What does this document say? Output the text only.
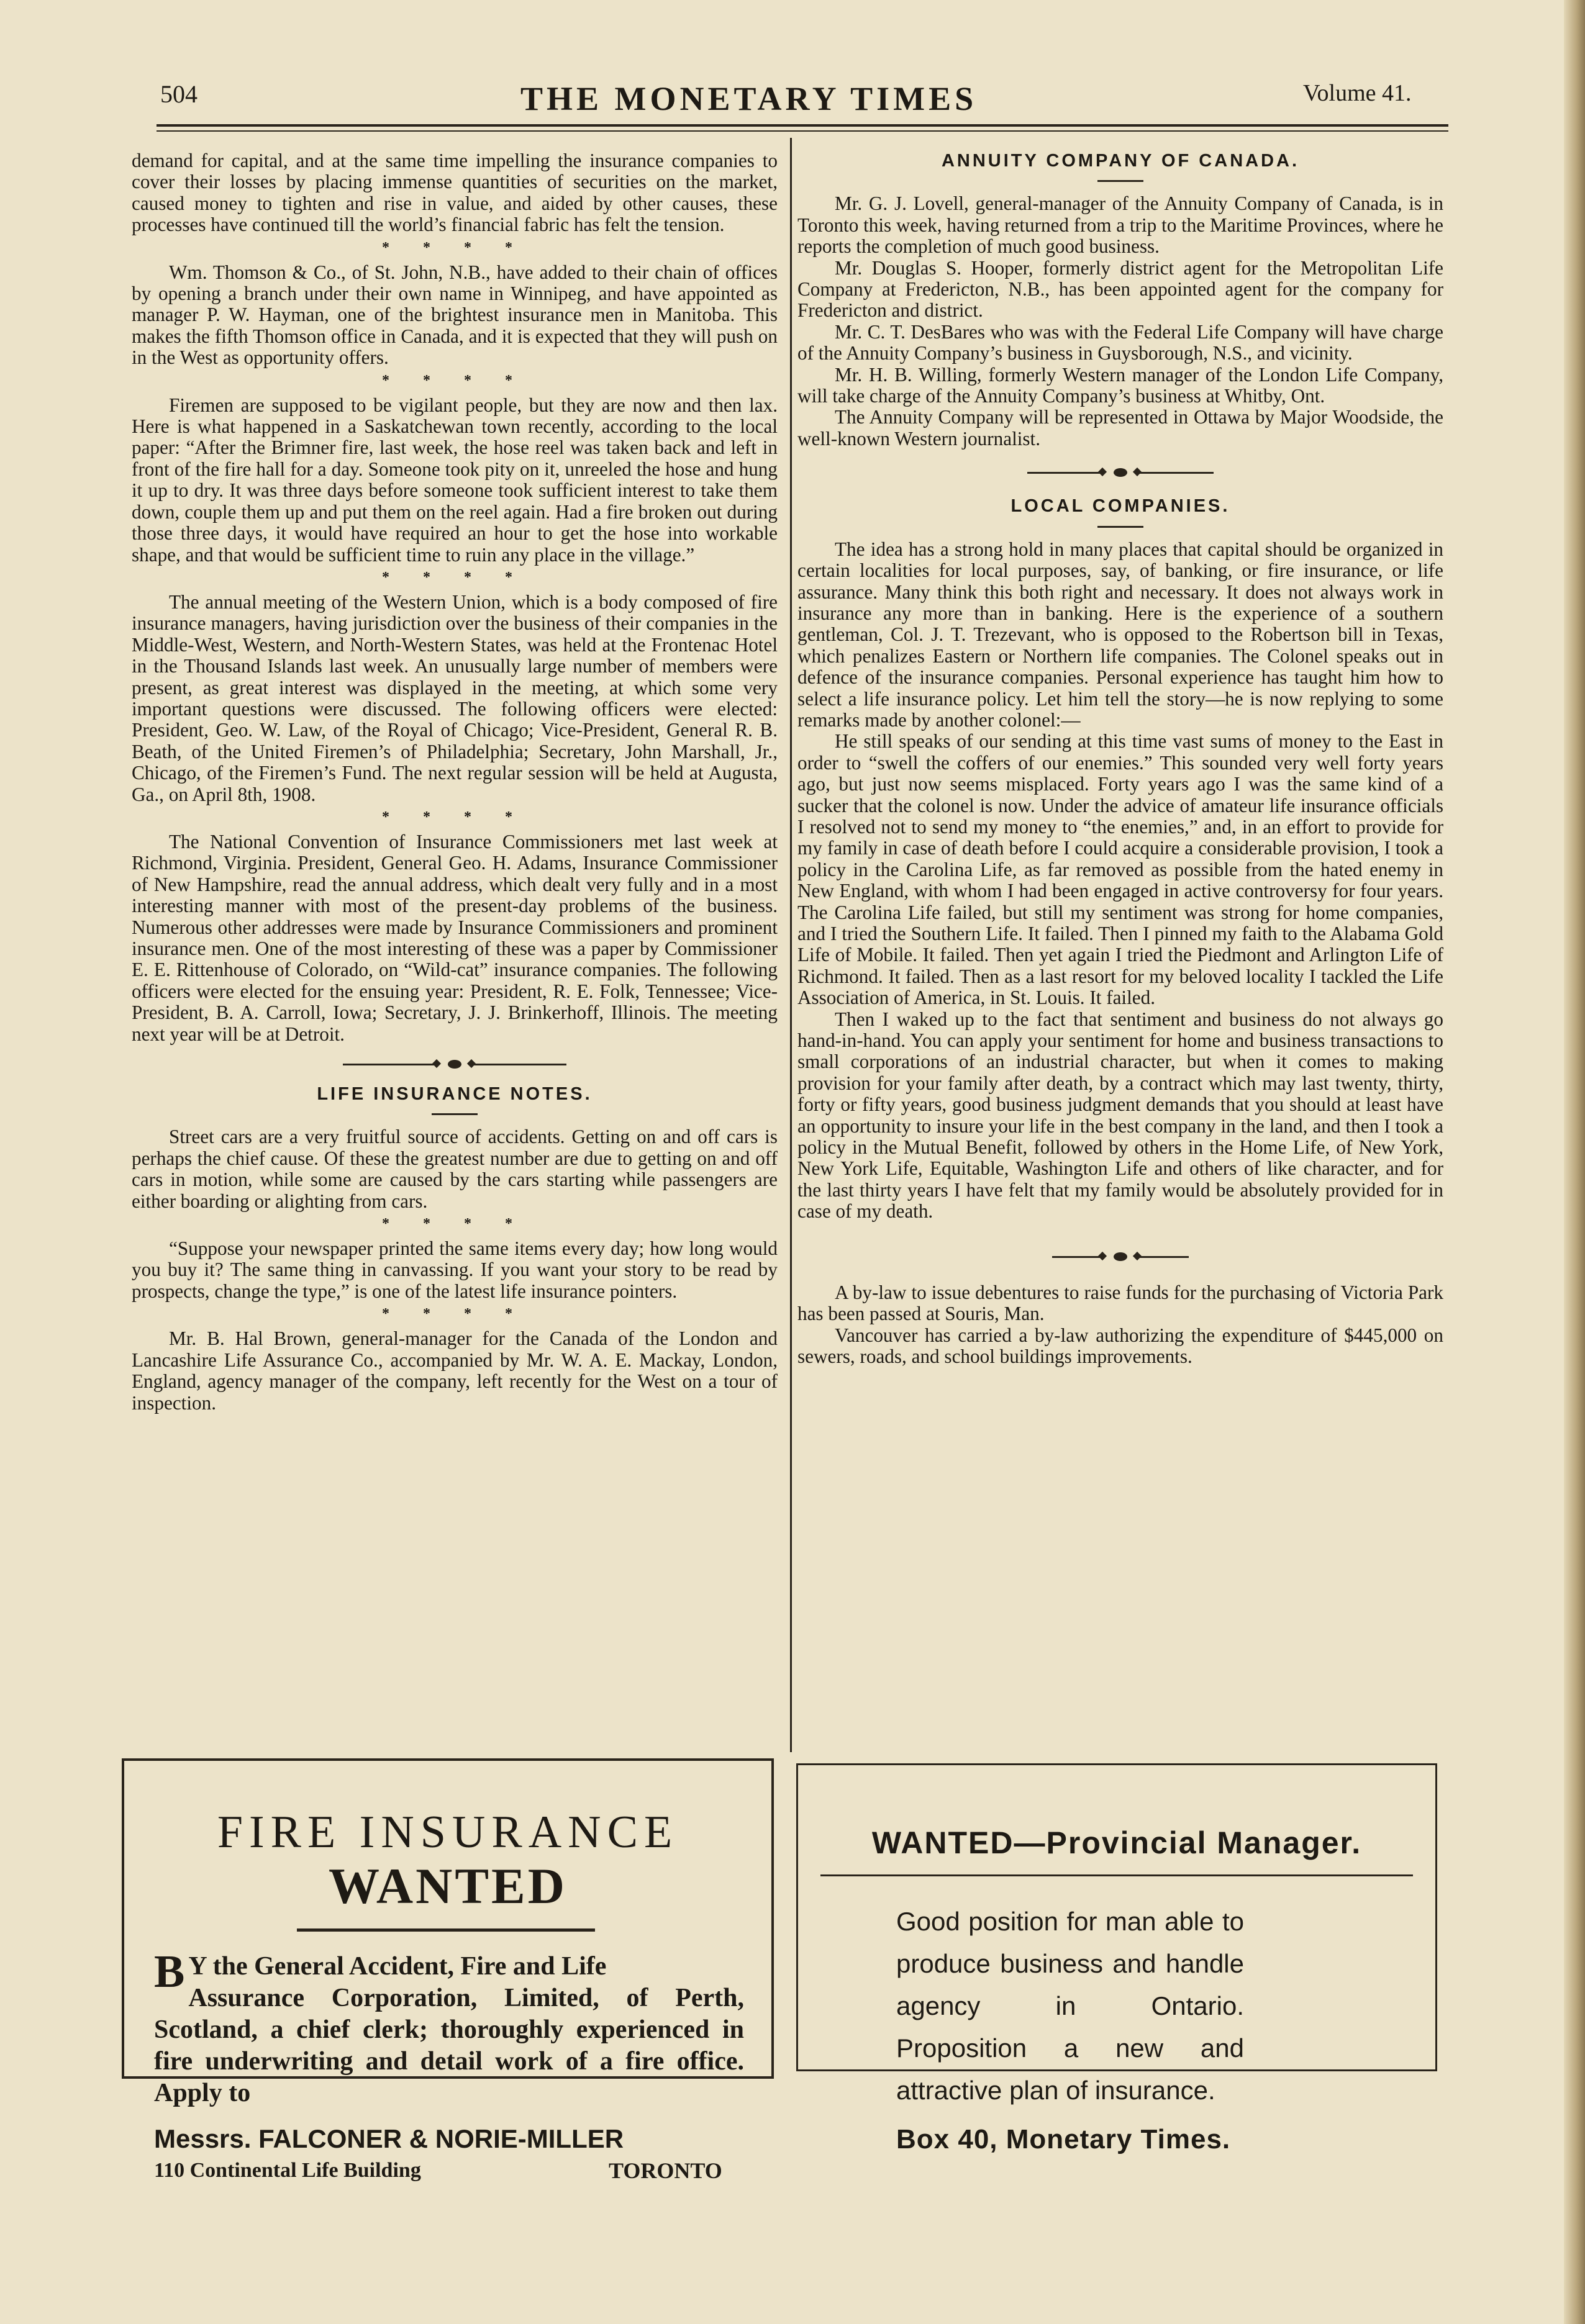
504	THE MONETARY TIMES	Volume 41.

demand for capital, and at the same time impelling the insurance companies to cover their losses by placing immense quantities of securities on the market, caused money to tighten and rise in value, and aided by other causes, these processes have continued till the world’s financial fabric has felt the tension.

* * * *

Wm. Thomson & Co., of St. John, N.B., have added to their chain of offices by opening a branch under their own name in Winnipeg, and have appointed as manager P. W. Hayman, one of the brightest insurance men in Manitoba. This makes the fifth Thomson office in Canada, and it is expected that they will push on in the West as opportunity offers.

* * * *

Firemen are supposed to be vigilant people, but they are now and then lax. Here is what happened in a Saskatchewan town recently, according to the local paper: “After the Brimner fire, last week, the hose reel was taken back and left in front of the fire hall for a day. Someone took pity on it, unreeled the hose and hung it up to dry. It was three days before someone took sufficient interest to take them down, couple them up and put them on the reel again. Had a fire broken out during those three days, it would have required an hour to get the hose into workable shape, and that would be sufficient time to ruin any place in the village.”

* * * *

The annual meeting of the Western Union, which is a body composed of fire insurance managers, having jurisdiction over the business of their companies in the Middle-West, Western, and North-Western States, was held at the Frontenac Hotel in the Thousand Islands last week. An unusually large number of members were present, as great interest was displayed in the meeting, at which some very important questions were discussed. The following officers were elected: President, Geo. W. Law, of the Royal of Chicago; Vice-President, General R. B. Beath, of the United Firemen’s of Philadelphia; Secretary, John Marshall, Jr., Chicago, of the Firemen’s Fund. The next regular session will be held at Augusta, Ga., on April 8th, 1908.

* * * *

The National Convention of Insurance Commissioners met last week at Richmond, Virginia. President, General Geo. H. Adams, Insurance Commissioner of New Hampshire, read the annual address, which dealt very fully and in a most interesting manner with most of the present-day problems of the business. Numerous other addresses were made by Insurance Commissioners and prominent insurance men. One of the most interesting of these was a paper by Commissioner E. E. Rittenhouse of Colorado, on “Wild-cat” insurance companies. The following officers were elected for the ensuing year: President, R. E. Folk, Tennessee; Vice-President, B. A. Carroll, Iowa; Secretary, J. J. Brinkerhoff, Illinois. The meeting next year will be at Detroit.

LIFE INSURANCE NOTES.

Street cars are a very fruitful source of accidents. Getting on and off cars is perhaps the chief cause. Of these the greatest number are due to getting on and off cars in motion, while some are caused by the cars starting while passengers are either boarding or alighting from cars.

* * * *

“Suppose your newspaper printed the same items every day; how long would you buy it? The same thing in canvassing. If you want your story to be read by prospects, change the type,” is one of the latest life insurance pointers.

* * * *

Mr. B. Hal Brown, general-manager for the Canada of the London and Lancashire Life Assurance Co., accompanied by Mr. W. A. E. Mackay, London, England, agency manager of the company, left recently for the West on a tour of inspection.

ANNUITY COMPANY OF CANADA.

Mr. G. J. Lovell, general-manager of the Annuity Company of Canada, is in Toronto this week, having returned from a trip to the Maritime Provinces, where he reports the completion of much good business.

Mr. Douglas S. Hooper, formerly district agent for the Metropolitan Life Company at Fredericton, N.B., has been appointed agent for the company for Fredericton and district.

Mr. C. T. DesBares who was with the Federal Life Company will have charge of the Annuity Company’s business in Guysborough, N.S., and vicinity.

Mr. H. B. Willing, formerly Western manager of the London Life Company, will take charge of the Annuity Company’s business at Whitby, Ont.

The Annuity Company will be represented in Ottawa by Major Woodside, the well-known Western journalist.

LOCAL COMPANIES.

The idea has a strong hold in many places that capital should be organized in certain localities for local purposes, say, of banking, or fire insurance, or life assurance. Many think this both right and necessary. It does not always work in insurance any more than in banking. Here is the experience of a southern gentleman, Col. J. T. Trezevant, who is opposed to the Robertson bill in Texas, which penalizes Eastern or Northern life companies. The Colonel speaks out in defence of the insurance companies. Personal experience has taught him how to select a life insurance policy. Let him tell the story—he is now replying to some remarks made by another colonel:—

He still speaks of our sending at this time vast sums of money to the East in order to “swell the coffers of our enemies.” This sounded very well forty years ago, but just now seems misplaced. Forty years ago I was the same kind of a sucker that the colonel is now. Under the advice of amateur life insurance officials I resolved not to send my money to “the enemies,” and, in an effort to provide for my family in case of death before I could acquire a considerable provision, I took a policy in the Carolina Life, as far removed as possible from the hated enemy in New England, with whom I had been engaged in active controversy for four years. The Carolina Life failed, but still my sentiment was strong for home companies, and I tried the Southern Life. It failed. Then I pinned my faith to the Alabama Gold Life of Mobile. It failed. Then yet again I tried the Piedmont and Arlington Life of Richmond. It failed. Then as a last resort for my beloved locality I tackled the Life Association of America, in St. Louis. It failed.

Then I waked up to the fact that sentiment and business do not always go hand-in-hand. You can apply your sentiment for home and business transactions to small corporations of an industrial character, but when it comes to making provision for your family after death, by a contract which may last twenty, thirty, forty or fifty years, good business judgment demands that you should at least have an opportunity to insure your life in the best company in the land, and then I took a policy in the Mutual Benefit, followed by others in the Home Life, of New York, New York Life, Equitable, Washington Life and others of like character, and for the last thirty years I have felt that my family would be absolutely provided for in case of my death.

A by-law to issue debentures to raise funds for the purchasing of Victoria Park has been passed at Souris, Man.

Vancouver has carried a by-law authorizing the expenditure of $445,000 on sewers, roads, and school buildings improvements.

FIRE INSURANCE
WANTED
B Y the General Accident, Fire and Life

Assurance Corporation, Limited, of Perth, Scotland, a chief clerk; thoroughly experienced in fire underwriting and detail work of a fire office. Apply to
Messrs. FALCONER & NORIE-MILLER
110 Continental Life Building	TORONTO
WANTED—Provincial Manager.
Good position for man able to produce business and handle agency in Ontario. Proposition a new and attractive plan of insurance.
Box 40, Monetary Times.
